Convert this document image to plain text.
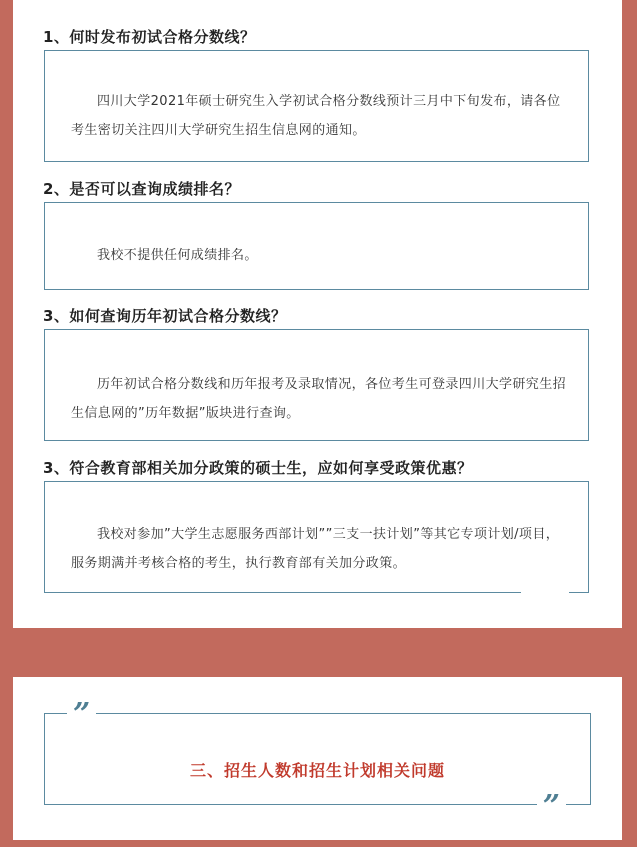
1、何时发布初试合格分数线？
四川大学2021年硕士研究生入学初试合格分数线预计三月中下旬发布，请各位考生密切关注四川大学研究生招生信息网的通知。
2、是否可以查询成绩排名？
我校不提供任何成绩排名。
3、如何查询历年初试合格分数线？
历年初试合格分数线和历年报考及录取情况，各位考生可登录四川大学研究生招生信息网的”历年数据”版块进行查询。
3、符合教育部相关加分政策的硕士生，应如何享受政策优惠？
我校对参加”大学生志愿服务西部计划””三支一扶计划”等其它专项计划/项目，服务期满并考核合格的考生，执行教育部有关加分政策。
”
三、招生人数和招生计划相关问题
”
